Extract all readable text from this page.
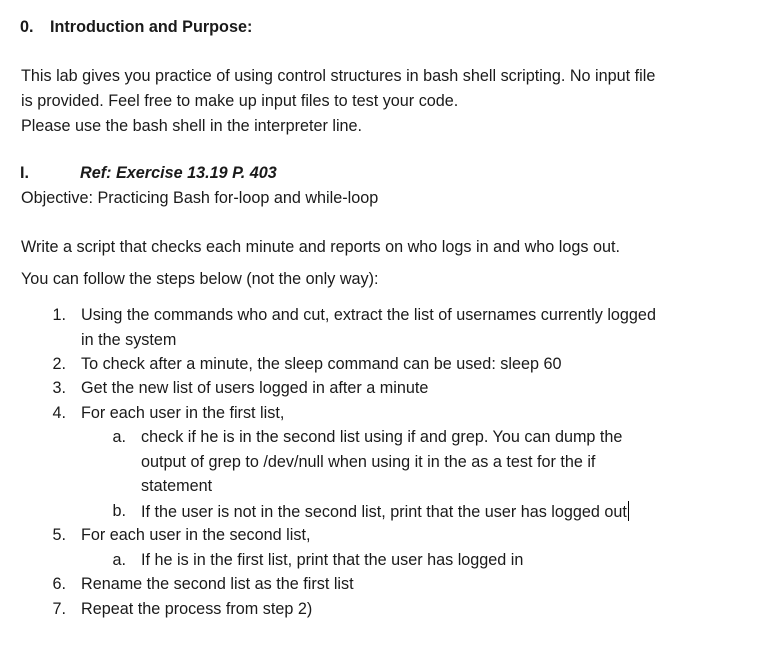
0. Introduction and Purpose:
This lab gives you practice of using control structures in bash shell scripting. No input file
is provided. Feel free to make up input files to test your code.
Please use the bash shell in the interpreter line.
I.	Ref: Exercise 13.19 P. 403
Objective: Practicing Bash for-loop and while-loop
Write a script that checks each minute and reports on who logs in and who logs out.
You can follow the steps below (not the only way):
1. Using the commands who and cut, extract the list of usernames currently logged
in the system
2. To check after a minute, the sleep command can be used: sleep 60
3. Get the new list of users logged in after a minute
4. For each user in the first list,
a. check if he is in the second list using if and grep. You can dump the
output of grep to /dev/null when using it in the as a test for the if
statement
b. If the user is not in the second list, print that the user has logged out
5. For each user in the second list,
a. If he is in the first list, print that the user has logged in
6. Rename the second list as the first list
7. Repeat the process from step 2)
